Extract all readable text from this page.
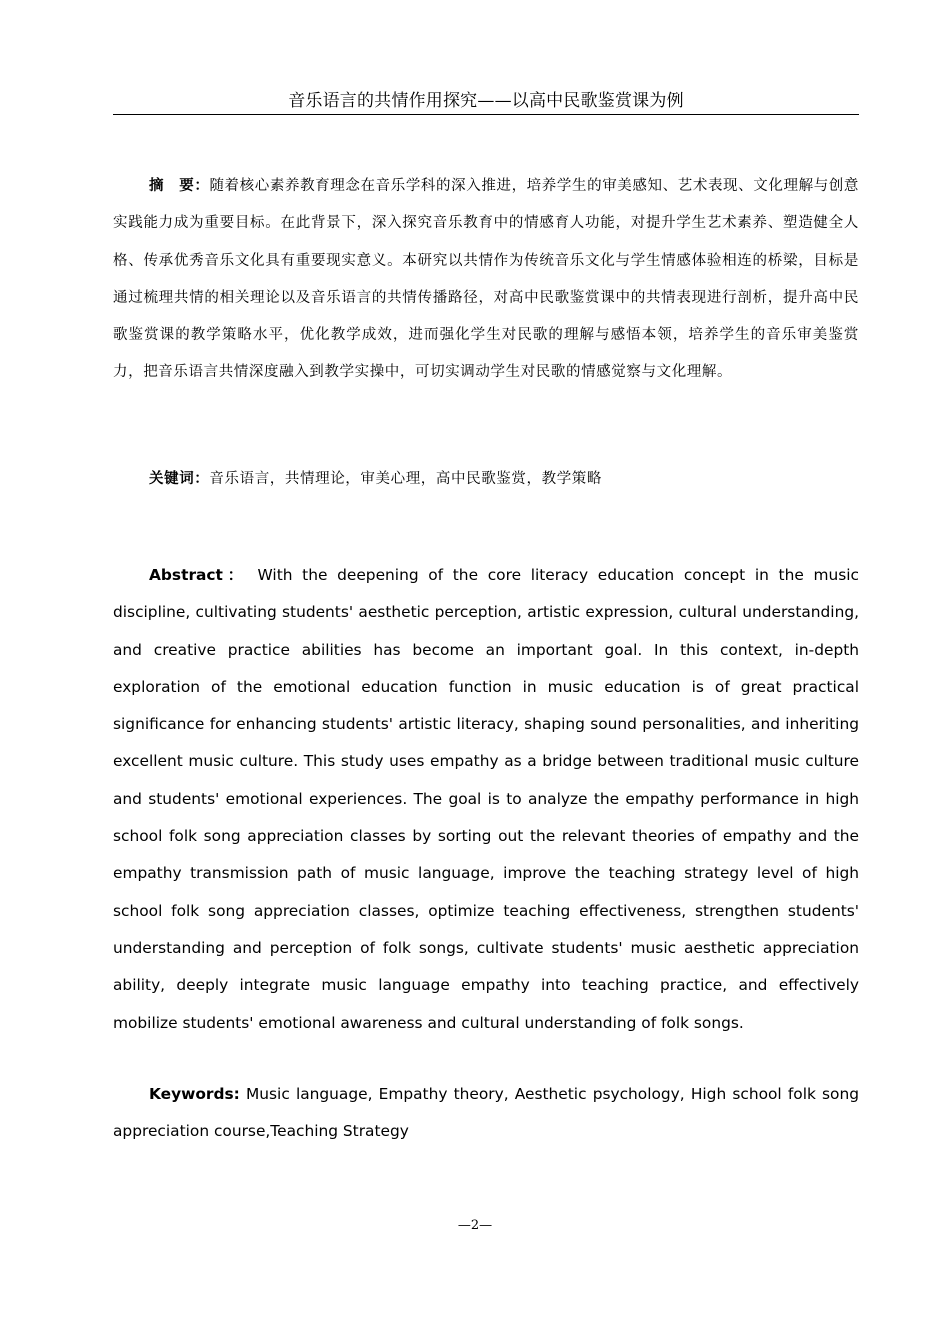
音乐语言的共情作用探究——以高中民歌鉴赏课为例

摘　要：随着核心素养教育理念在音乐学科的深入推进，培养学生的审美感知、艺术表现、文化理解与创意实践能力成为重要目标。在此背景下，深入探究音乐教育中的情感育人功能，对提升学生艺术素养、塑造健全人格、传承优秀音乐文化具有重要现实意义。本研究以共情作为传统音乐文化与学生情感体验相连的桥梁，目标是通过梳理共情的相关理论以及音乐语言的共情传播路径，对高中民歌鉴赏课中的共情表现进行剖析，提升高中民歌鉴赏课的教学策略水平，优化教学成效，进而强化学生对民歌的理解与感悟本领，培养学生的音乐审美鉴赏力，把音乐语言共情深度融入到教学实操中，可切实调动学生对民歌的情感觉察与文化理解。

关键词：音乐语言，共情理论，审美心理，高中民歌鉴赏，教学策略

Abstract： With the deepening of the core literacy education concept in the music discipline, cultivating students' aesthetic perception, artistic expression, cultural understanding, and creative practice abilities has become an important goal. In this context, in-depth exploration of the emotional education function in music education is of great practical significance for enhancing students' artistic literacy, shaping sound personalities, and inheriting excellent music culture. This study uses empathy as a bridge between traditional music culture and students' emotional experiences. The goal is to analyze the empathy performance in high school folk song appreciation classes by sorting out the relevant theories of empathy and the empathy transmission path of music language, improve the teaching strategy level of high school folk song appreciation classes, optimize teaching effectiveness, strengthen students' understanding and perception of folk songs, cultivate students' music aesthetic appreciation ability, deeply integrate music language empathy into teaching practice, and effectively mobilize students' emotional awareness and cultural understanding of folk songs.

Keywords: Music language, Empathy theory, Aesthetic psychology, High school folk song appreciation course,Teaching Strategy

—2—
